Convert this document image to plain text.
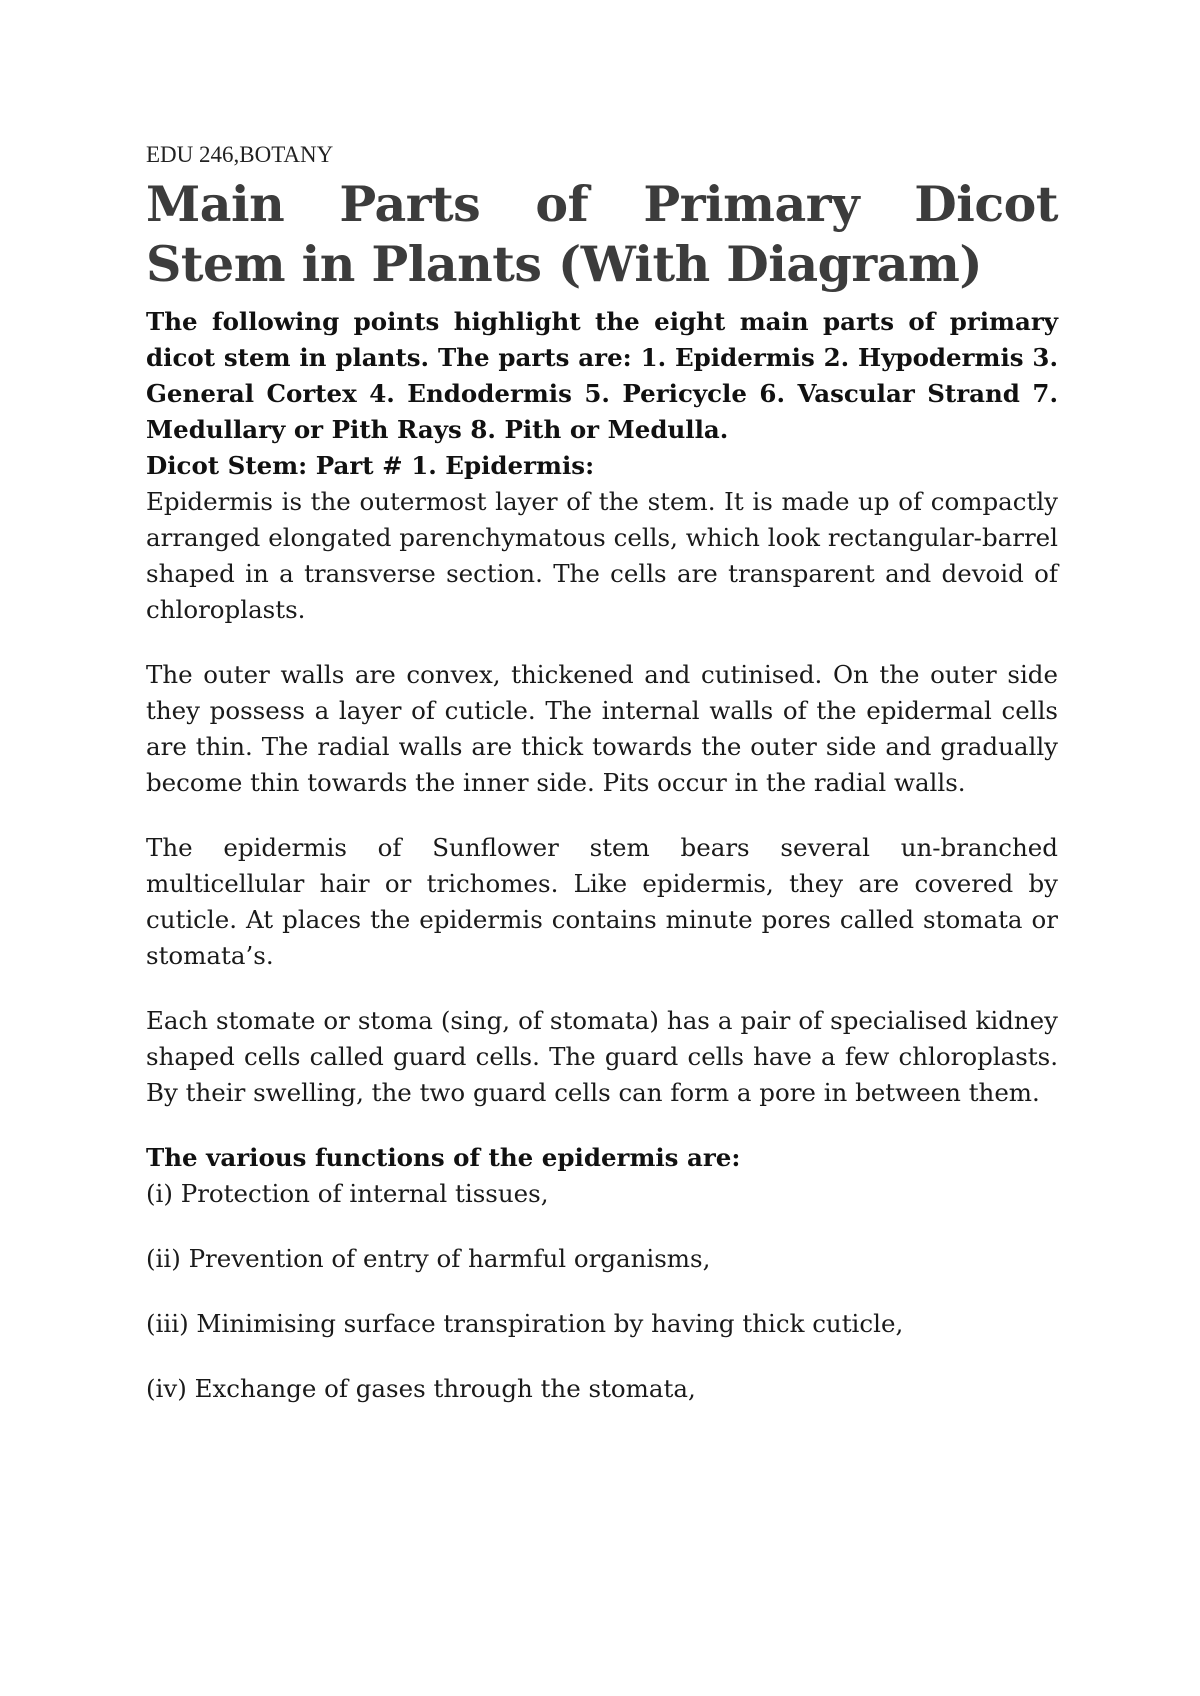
EDU 246,BOTANY
Main Parts of Primary Dicot Stem in Plants (With Diagram)

The following points highlight the eight main parts of primary dicot stem in plants. The parts are: 1. Epidermis 2. Hypodermis 3. General Cortex 4. Endodermis 5. Pericycle 6. Vascular Strand 7. Medullary or Pith Rays 8. Pith or Medulla.

Dicot Stem: Part # 1. Epidermis:

Epidermis is the outermost layer of the stem. It is made up of compactly arranged elongated parenchymatous cells, which look rectangular-barrel shaped in a transverse section. The cells are transparent and devoid of chloroplasts.

The outer walls are convex, thickened and cutinised. On the outer side they possess a layer of cuticle. The internal walls of the epidermal cells are thin. The radial walls are thick towards the outer side and gradually become thin towards the inner side. Pits occur in the radial walls.

The epidermis of Sunflower stem bears several un-branched multicellular hair or trichomes. Like epidermis, they are covered by cuticle. At places the epidermis contains minute pores called stomata or stomata’s.

Each stomate or stoma (sing, of stomata) has a pair of specialised kidney shaped cells called guard cells. The guard cells have a few chloroplasts. By their swelling, the two guard cells can form a pore in between them.

The various functions of the epidermis are:

(i) Protection of internal tissues,

(ii) Prevention of entry of harmful organisms,

(iii) Minimising surface transpiration by having thick cuticle,

(iv) Exchange of gases through the stomata,
